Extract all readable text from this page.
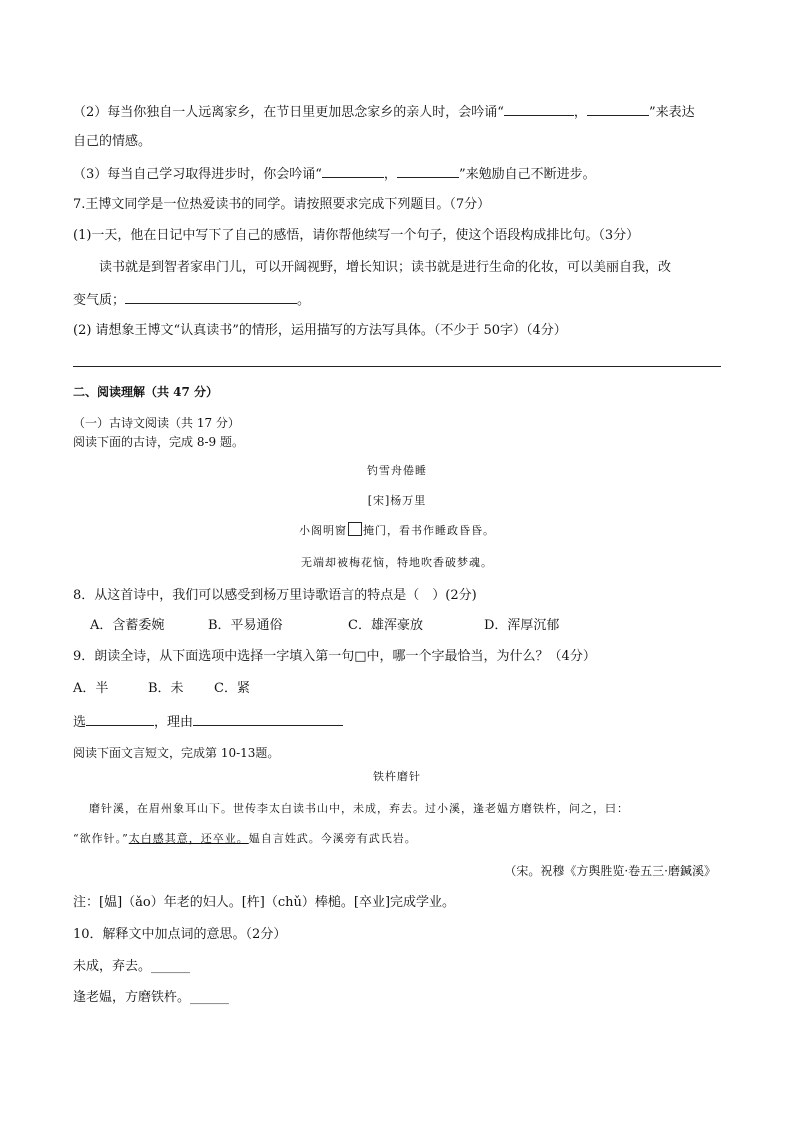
（2）每当你独自一人远离家乡，在节日里更加思念家乡的亲人时，会吟诵“	，	”来表达
自己的情感。
（3）每当自己学习取得进步时，你会吟诵“	，	”来勉励自己不断进步。
7.王博文同学是一位热爱读书的同学。请按照要求完成下列题目。（7分）
(1)一天，他在日记中写下了自己的感悟，请你帮他续写一个句子，使这个语段构成排比句。（3分）
读书就是到智者家串门儿，可以开阔视野，增长知识；读书就是进行生命的化妆，可以美丽自我，改
变气质；	。
(2) 请想象王博文“认真读书”的情形，运用描写的方法写具体。（不少于 50字）（4分）
二、阅读理解（共 47 分）
（一）古诗文阅读（共 17 分）
阅读下面的古诗，完成 8-9 题。
钓雪舟倦睡
[宋]杨万里
小阁明窗 掩门，看书作睡政昏昏。
无端却被梅花恼，特地吹香破梦魂。
8．从这首诗中，我们可以感受到杨万里诗歌语言的特点是（　）(2分)
A．含蓄委婉	B．平易通俗	C．雄浑豪放	D．浑厚沉郁
9．朗读全诗，从下面选项中选择一字填入第一句□中，哪一个字最恰当，为什么？（4分）
A．半	B．未 C．紧
选	，理由
阅读下面文言短文，完成第 10-13题。
铁杵磨针
磨针溪，在眉州象耳山下。世传李太白读书山中，未成，弃去。过小溪，逢老媪方磨铁杵，问之，曰：
“欲作针。”太白感其意，还卒业。媪自言姓武。今溪旁有武氏岩。
（宋。祝穆《方舆胜览·卷五三·磨鍼溪》
注：[媪]（ǎo）年老的妇人。[杵]（chǔ）棒槌。[卒业]完成学业。
10．解释文中加点词的意思。（2分）
未成，弃去。______
逢老媪，方磨铁杵。______
